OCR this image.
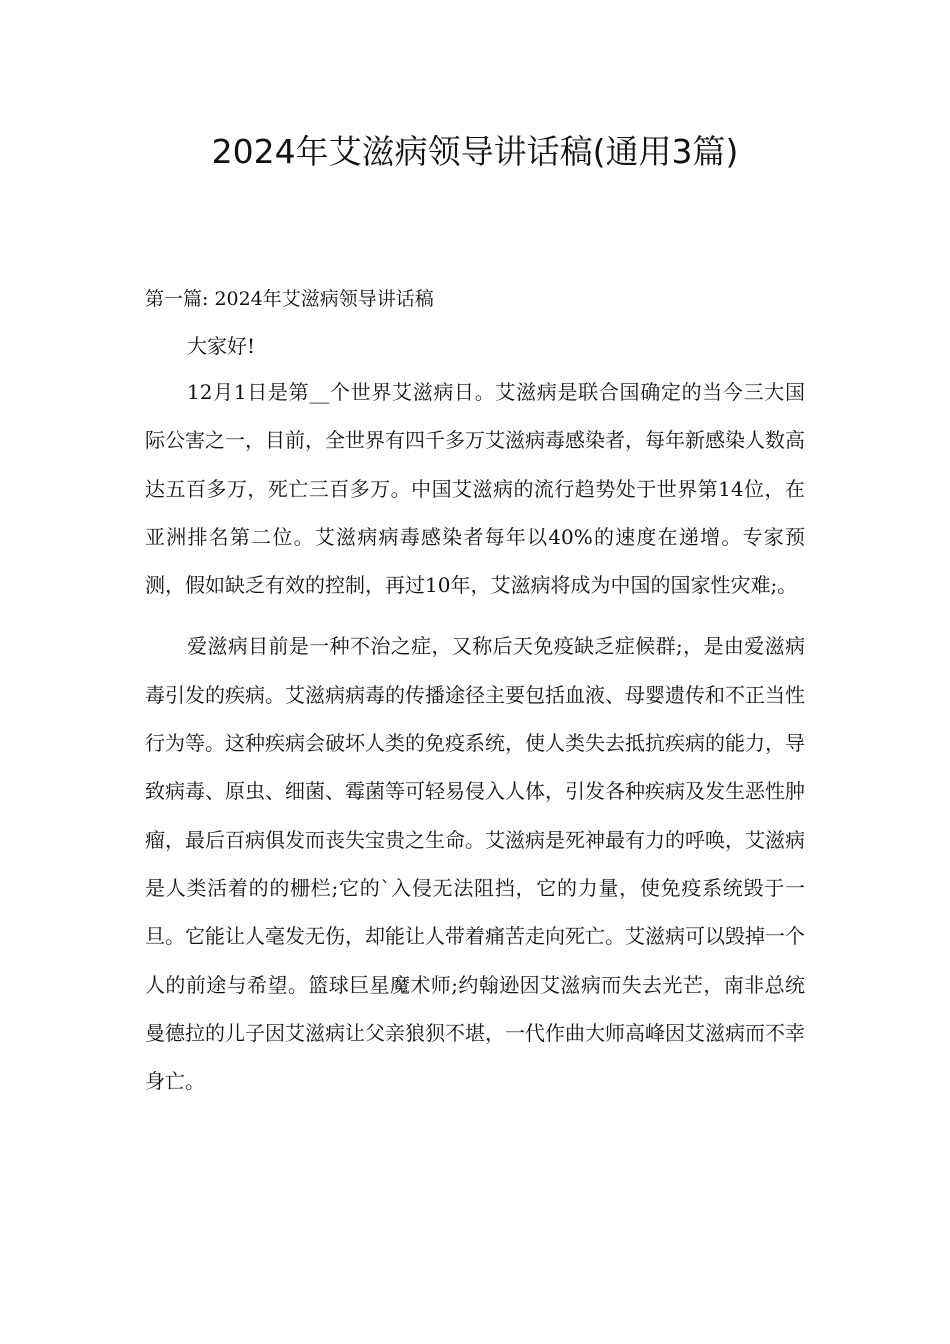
2024年艾滋病领导讲话稿(通用3篇)

第一篇: 2024年艾滋病领导讲话稿

大家好!

12月1日是第__个世界艾滋病日。艾滋病是联合国确定的当今三大国际公害之一，目前，全世界有四千多万艾滋病毒感染者，每年新感染人数高达五百多万，死亡三百多万。中国艾滋病的流行趋势处于世界第14位，在亚洲排名第二位。艾滋病病毒感染者每年以40%的速度在递增。专家预测，假如缺乏有效的控制，再过10年，艾滋病将成为中国的国家性灾难;。

爱滋病目前是一种不治之症，又称后天免疫缺乏症候群;，是由爱滋病毒引发的疾病。艾滋病病毒的传播途径主要包括血液、母婴遗传和不正当性行为等。这种疾病会破坏人类的免疫系统，使人类失去抵抗疾病的能力，导致病毒、原虫、细菌、霉菌等可轻易侵入人体，引发各种疾病及发生恶性肿瘤，最后百病俱发而丧失宝贵之生命。艾滋病是死神最有力的呼唤，艾滋病是人类活着的的栅栏;它的`入侵无法阻挡，它的力量，使免疫系统毁于一旦。它能让人毫发无伤，却能让人带着痛苦走向死亡。艾滋病可以毁掉一个人的前途与希望。篮球巨星魔术师;约翰逊因艾滋病而失去光芒，南非总统曼德拉的儿子因艾滋病让父亲狼狈不堪，一代作曲大师高峰因艾滋病而不幸身亡。
